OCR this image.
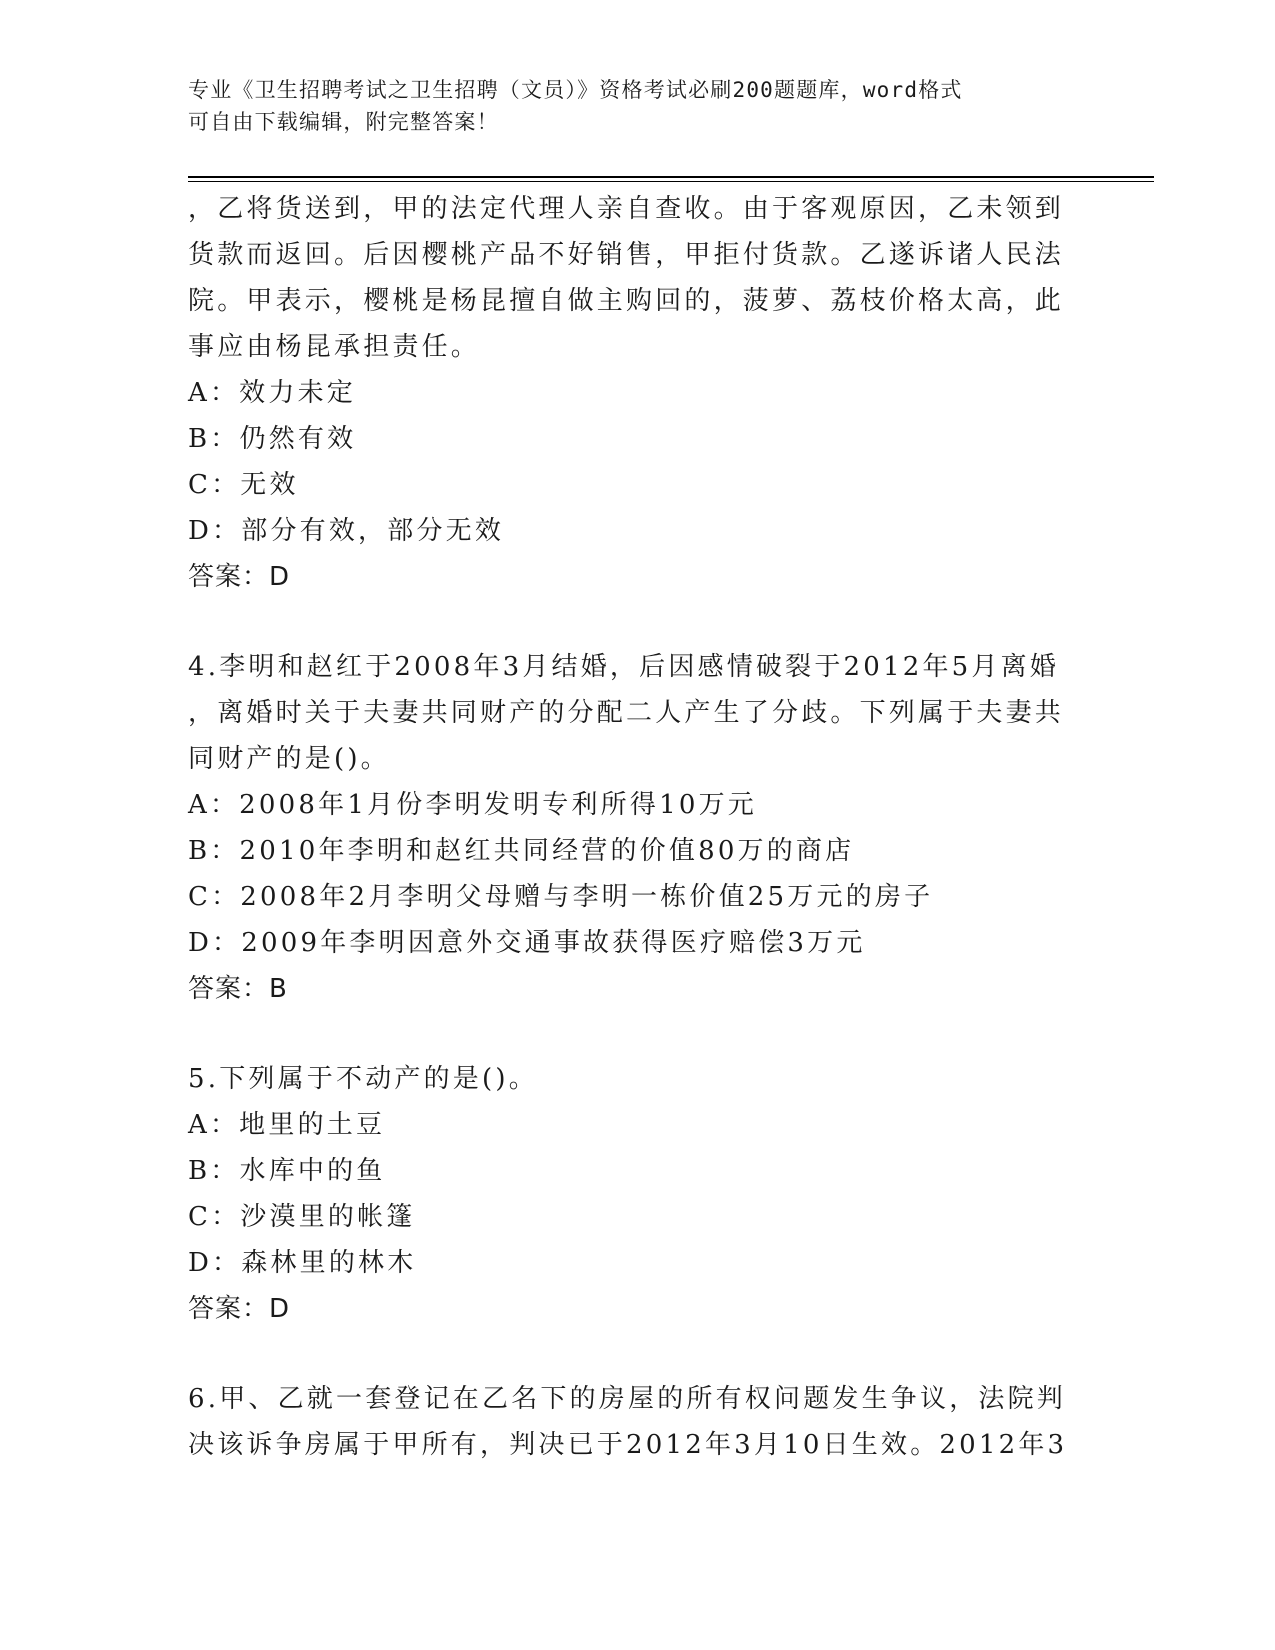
专业《卫生招聘考试之卫生招聘（文员）》资格考试必刷200题题库，word格式
可自由下载编辑，附完整答案！
，乙将货送到，甲的法定代理人亲自查收。由于客观原因，乙未领到
货款而返回。后因樱桃产品不好销售，甲拒付货款。乙遂诉诸人民法
院。甲表示，樱桃是杨昆擅自做主购回的，菠萝、荔枝价格太高，此
事应由杨昆承担责任。
A：效力未定
B：仍然有效
C：无效
D：部分有效，部分无效
答案：D
4.李明和赵红于2008年3月结婚，后因感情破裂于2012年5月离婚
，离婚时关于夫妻共同财产的分配二人产生了分歧。下列属于夫妻共
同财产的是()。
A：2008年1月份李明发明专利所得10万元
B：2010年李明和赵红共同经营的价值80万的商店
C：2008年2月李明父母赠与李明一栋价值25万元的房子
D：2009年李明因意外交通事故获得医疗赔偿3万元
答案：B
5.下列属于不动产的是()。
A：地里的土豆
B：水库中的鱼
C：沙漠里的帐篷
D：森林里的林木
答案：D
6.甲、乙就一套登记在乙名下的房屋的所有权问题发生争议，法院判
决该诉争房属于甲所有，判决已于2012年3月10日生效。2012年3
